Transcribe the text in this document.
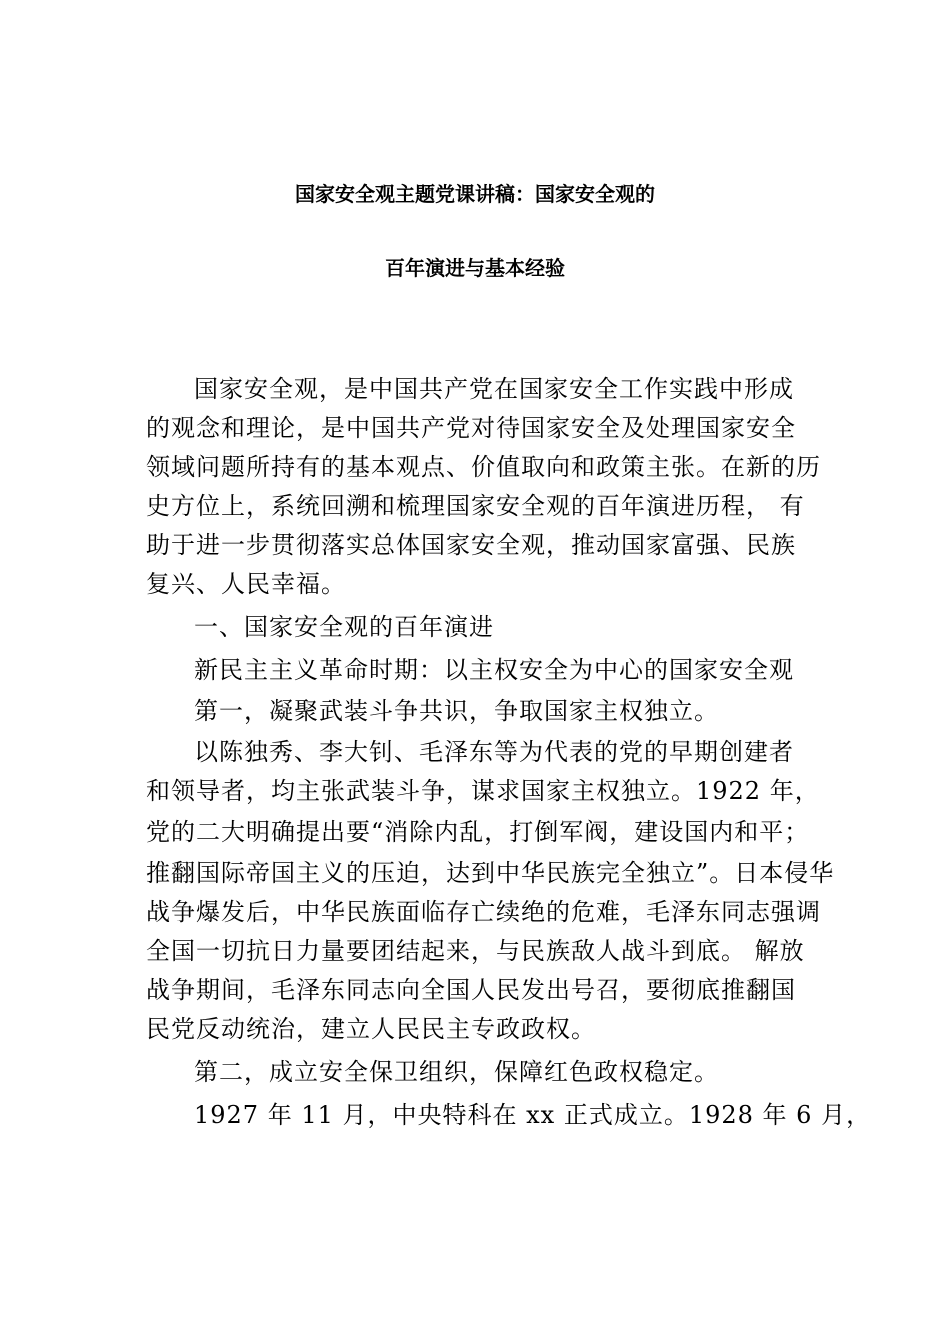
国家安全观主题党课讲稿：国家安全观的
百年演进与基本经验
国家安全观，是中国共产党在国家安全工作实践中形成
的观念和理论，是中国共产党对待国家安全及处理国家安全
领域问题所持有的基本观点、价值取向和政策主张。在新的历
史方位上，系统回溯和梳理国家安全观的百年演进历程， 有
助于进一步贯彻落实总体国家安全观，推动国家富强、民族
复兴、人民幸福。
一、国家安全观的百年演进
新民主主义革命时期：以主权安全为中心的国家安全观
第一，凝聚武装斗争共识，争取国家主权独立。
以陈独秀、李大钊、毛泽东等为代表的党的早期创建者
和领导者，均主张武装斗争，谋求国家主权独立。1922 年，
党的二大明确提出要“消除内乱，打倒军阀，建设国内和平；
推翻国际帝国主义的压迫，达到中华民族完全独立”。日本侵华
战争爆发后，中华民族面临存亡续绝的危难，毛泽东同志强调
全国一切抗日力量要团结起来，与民族敌人战斗到底。 解放
战争期间，毛泽东同志向全国人民发出号召，要彻底推翻国
民党反动统治，建立人民民主专政政权。
第二，成立安全保卫组织，保障红色政权稳定。
1927 年 11 月，中央特科在 xx 正式成立。1928 年 6 月，
